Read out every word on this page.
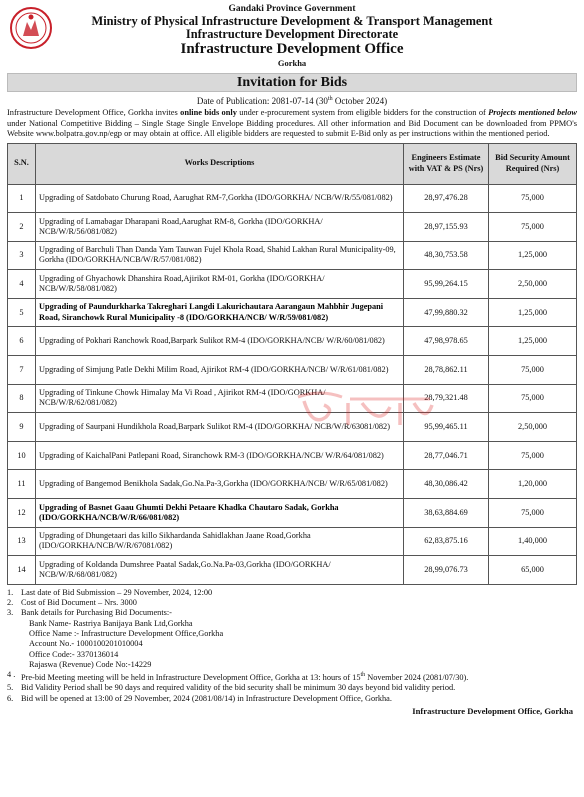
Gandaki Province Government
Ministry of Physical Infrastructure Development & Transport Management
Infrastructure Development Directorate
Infrastructure Development Office
Gorkha
Invitation for Bids
Date of Publication: 2081-07-14 (30th October 2024)
Infrastructure Development Office, Gorkha invites online bids only under e-procurement system from eligible bidders for the construction of Projects mentioned below under National Competitive Bidding – Single Stage Single Envelope Bidding procedures. All other information and Bid Document can be downloaded from PPMO's Website www.bolpatra.gov.np/egp or may obtain at office. All eligible bidders are requested to submit E-Bid only as per instructions within the mentioned period.
S.N.	Works Descriptions	Engineers Estimate with VAT & PS (Nrs)	Bid Security Amount Required (Nrs)
1	Upgrading of Satdobato Churung Road, Aarughat RM-7,Gorkha (IDO/GORKHA/ NCB/W/R/55/081/082)	28,97,476.28	75,000
2	Upgrading of Lamabagar Dharapani Road,Aarughat RM-8, Gorkha (IDO/GORKHA/ NCB/W/R/56/081/082)	28,97,155.93	75,000
3	Upgrading of Barchuli Than Danda Yam Tauwan Fujel Khola Road, Shahid Lakhan Rural Municipality-09, Gorkha (IDO/GORKHA/NCB/W/R/57/081/082)	48,30,753.58	1,25,000
4	Upgrading of Ghyachowk Dhanshira Road,Ajirikot RM-01, Gorkha (IDO/GORKHA/ NCB/W/R/58/081/082)	95,99,264.15	2,50,000
5	Upgrading of Paundurkharka Takreghari Langdi Lakurichautara Aarangaun Mahbhir Jugepani Road, Siranchowk Rural Municipality -8 (IDO/GORKHA/NCB/ W/R/59/081/082)	47,99,880.32	1,25,000
6	Upgrading of Pokhari Ranchowk Road,Barpark Sulikot RM-4 (IDO/GORKHA/NCB/ W/R/60/081/082)	47,98,978.65	1,25,000
7	Upgrading of Simjung Patle Dekhi Milim Road, Ajirikot RM-4 (IDO/GORKHA/NCB/ W/R/61/081/082)	28,78,862.11	75,000
8	Upgrading of Tinkune Chowk Himalay Ma Vi Road , Ajirikot RM-4 (IDO/GORKHA/ NCB/W/R/62/081/082)	28,79,321.48	75,000
9	Upgrading of Saurpani Hundikhola Road,Barpark Sulikot RM-4 (IDO/GORKHA/ NCB/W/R/63081/082)	95,99,465.11	2,50,000
10	Upgrading of KaichalPani Patlepani Road, Siranchowk RM-3 (IDO/GORKHA/NCB/ W/R/64/081/082)	28,77,046.71	75,000
11	Upgrading of Bangemod Benikhola Sadak,Go.Na.Pa-3,Gorkha (IDO/GORKHA/NCB/ W/R/65/081/082)	48,30,086.42	1,20,000
12	Upgrading of Basnet Gaau Ghumti Dekhi Petaare Khadka Chautaro Sadak, Gorkha (IDO/GORKHA/NCB/W/R/66/081/082)	38,63,884.69	75,000
13	Upgrading of Dhungetaari das killo Sikhardanda Sahidlakhan Jaane Road,Gorkha (IDO/GORKHA/NCB/W/R/67081/082)	62,83,875.16	1,40,000
14	Upgrading of Koldanda Dumshree Paatal Sadak,Go.Na.Pa-03,Gorkha (IDO/GORKHA/ NCB/W/R/68/081/082)	28,99,076.73	65,000
1. Last date of Bid Submission – 29 November, 2024, 12:00
2. Cost of Bid Document – Nrs. 3000
3. Bank details for Purchasing Bid Documents:-
Bank Name- Rastriya Banijaya Bank Ltd,Gorkha
Office Name :- Infrastructure Development Office,Gorkha
Account No.- 1000100201010004
Office Code:- 3370136014
Rajaswa (Revenue) Code No:-14229
4 . Pre-bid Meeting meeting will be held in Infrastructure Development Office, Gorkha at 13: hours of 15th November 2024 (2081/07/30).
5. Bid Validity Period shall be 90 days and required validity of the bid security shall be minimum 30 days beyond bid validity period.
6. Bid will be opened at 13:00 of 29 November, 2024 (2081/08/14) in Infrastructure Development Office, Gorkha.
Infrastructure Development Office, Gorkha
